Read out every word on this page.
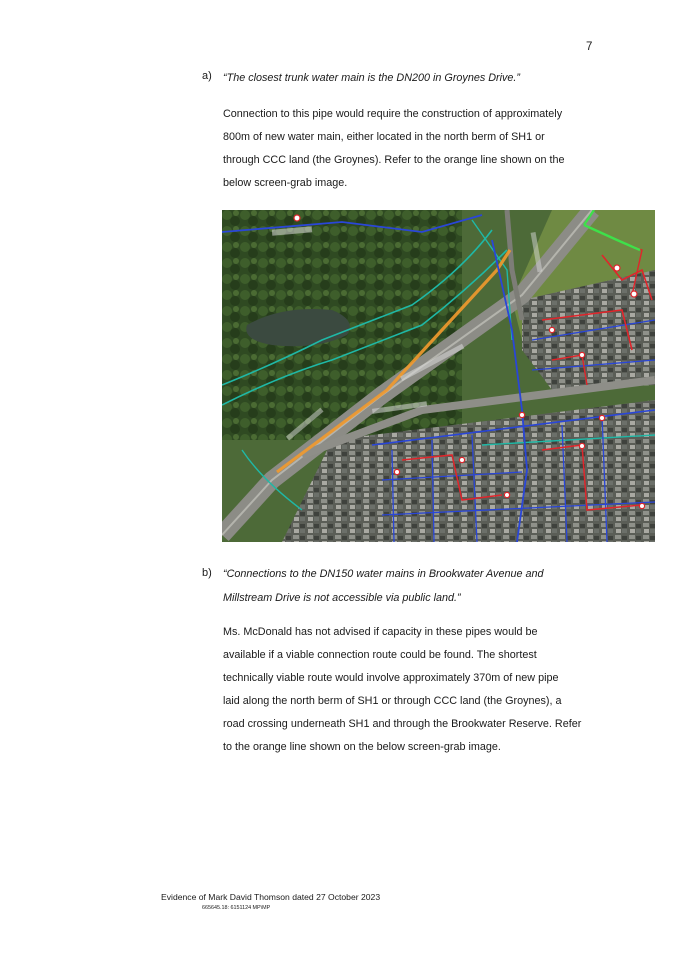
7
a) “The closest trunk water main is the DN200 in Groynes Drive.”

Connection to this pipe would require the construction of approximately

800m of new water main, either located in the north berm of SH1 or

through CCC land (the Groynes). Refer to the orange line shown on the

below screen-grab image.

b) “Connections to the DN150 water mains in Brookwater Avenue and

Millstream Drive is not accessible via public land.”

Ms. McDonald has not advised if capacity in these pipes would be

available if a viable connection route could be found. The shortest

technically viable route would involve approximately 370m of new pipe

laid along the north berm of SH1 or through CCC land (the Groynes), a

road crossing underneath SH1 and through the Brookwater Reserve. Refer

to the orange line shown on the below screen-grab image.

Evidence of Mark David Thomson dated 27 October 2023
665645.18: 6151124 MP\MP
